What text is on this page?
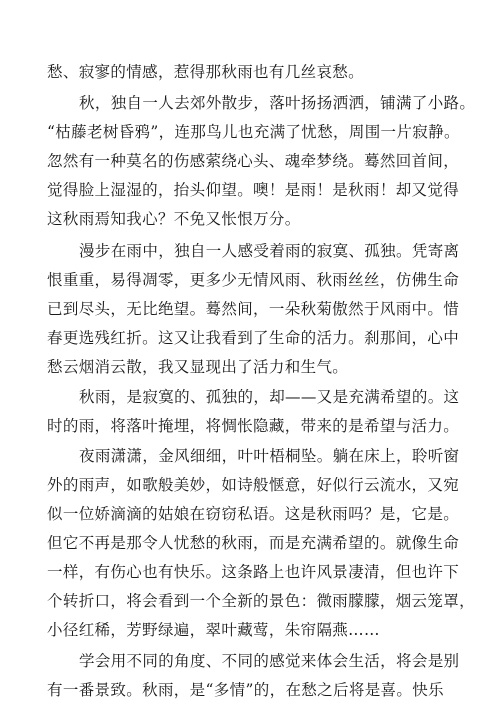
愁、寂寥的情感，惹得那秋雨也有几丝哀愁。
秋，独自一人去郊外散步，落叶扬扬洒洒，铺满了小路。
“枯藤老树昏鸦”，连那鸟儿也充满了忧愁，周围一片寂静。
忽然有一种莫名的伤感萦绕心头、魂牵梦绕。蓦然回首间，
觉得脸上湿湿的，抬头仰望。噢！是雨！是秋雨！却又觉得
这秋雨焉知我心？不免又怅恨万分。
漫步在雨中，独自一人感受着雨的寂寞、孤独。凭寄离
恨重重，易得凋零，更多少无情风雨、秋雨丝丝，仿佛生命
已到尽头，无比绝望。蓦然间，一朵秋菊傲然于风雨中。惜
春更选残红折。这又让我看到了生命的活力。刹那间，心中
愁云烟消云散，我又显现出了活力和生气。
秋雨，是寂寞的、孤独的，却——又是充满希望的。这
时的雨，将落叶掩埋，将惆怅隐藏，带来的是希望与活力。
夜雨潇潇，金风细细，叶叶梧桐坠。躺在床上，聆听窗
外的雨声，如歌般美妙，如诗般惬意，好似行云流水，又宛
似一位娇滴滴的姑娘在窃窃私语。这是秋雨吗？是，它是。
但它不再是那令人忧愁的秋雨，而是充满希望的。就像生命
一样，有伤心也有快乐。这条路上也许风景凄清，但也许下
个转折口，将会看到一个全新的景色：微雨朦朦，烟云笼罩，
小径红稀，芳野绿遍，翠叶藏莺，朱帘隔燕……
学会用不同的角度、不同的感觉来体会生活，将会是别
有一番景致。秋雨，是“多情”的，在愁之后将是喜。快乐
